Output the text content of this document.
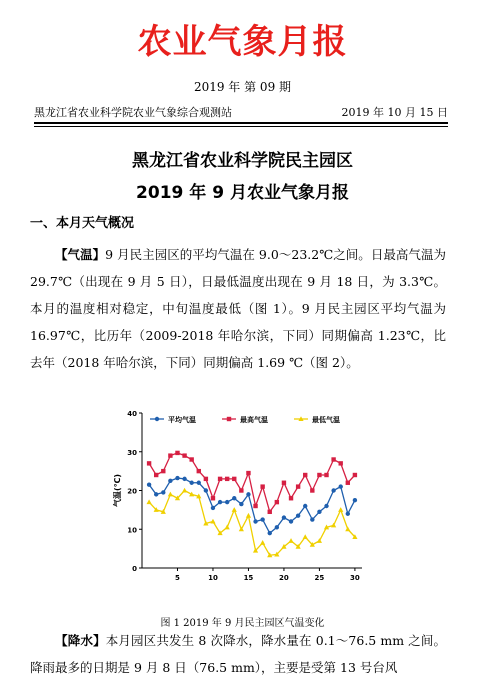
农业气象月报
2019 年 第 09 期
黑龙江省农业科学院农业气象综合观测站	2019 年 10 月 15 日
黑龙江省农业科学院民主园区
2019 年 9 月农业气象月报
一、本月天气概况
  【气温】9 月民主园区的平均气温在 9.0～23.2℃之间。日最高气温为 29.7℃（出现在 9 月 5 日），日最低温度出现在 9 月 18 日，为 3.3℃。本月的温度相对稳定，中旬温度最低（图 1）。9 月民主园区平均气温为 16.97℃，比历年（2009-2018 年哈尔滨，下同）同期偏高 1.23℃，比去年（2018 年哈尔滨，下同）同期偏高 1.69 ℃（图 2）。
0
10
20
30
40
5	10	15	20	25	30
气温(℃)
平均气温	最高气温	最低气温
图 1 2019 年 9 月民主园区气温变化
  【降水】本月园区共发生 8 次降水，降水量在 0.1～76.5 mm 之间。降雨最多的日期是 9 月 8 日（76.5 mm），主要是受第 13 号台风
